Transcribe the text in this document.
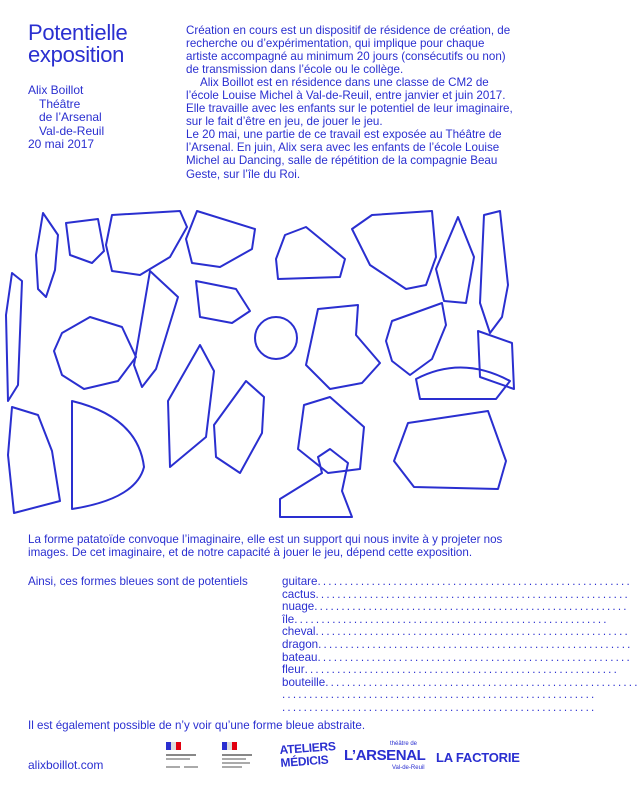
Potentielle
exposition
Alix Boillot
Théâtre
de l’Arsenal
Val-de-Reuil
20 mai 2017

Création en cours est un dispositif de résidence de création, de recherche ou d’expérimentation, qui implique pour chaque artiste accompagné au minimum 20 jours (consécutifs ou non) de transmission dans l’école ou le collège.

Alix Boillot est en résidence dans une classe de CM2 de l’école Louise Michel à Val-de-Reuil, entre janvier et juin 2017. Elle travaille avec les enfants sur le potentiel de leur imaginaire, sur le fait d’être en jeu, de jouer le jeu.

Le 20 mai, une partie de ce travail est exposée au Théâtre de l’Arsenal. En juin, Alix sera avec les enfants de l’école Louise Michel au Dancing, salle de répétition de la compagnie Beau Geste, sur l’île du Roi.

La forme patatoïde convoque l’imaginaire, elle est un support qui nous invite à y projeter nos images. De cet imaginaire, et de notre capacité à jouer le jeu, dépend cette exposition.

Ainsi, ces formes bleues sont de potentiels	guitare ..........................................................
cactus ..........................................................
nuage ..........................................................
île ..........................................................
cheval ..........................................................
dragon ..........................................................
bateau ..........................................................
fleur ..........................................................
bouteille ..........................................................
..........................................................
..........................................................
Il est également possible de n’y voir qu’une forme bleue abstraite.
alixboillot.com
ATELIERS
MÉDICIS
théâtre de
L’ARSENAL
Val-de-Reuil
LA FACTORIE
